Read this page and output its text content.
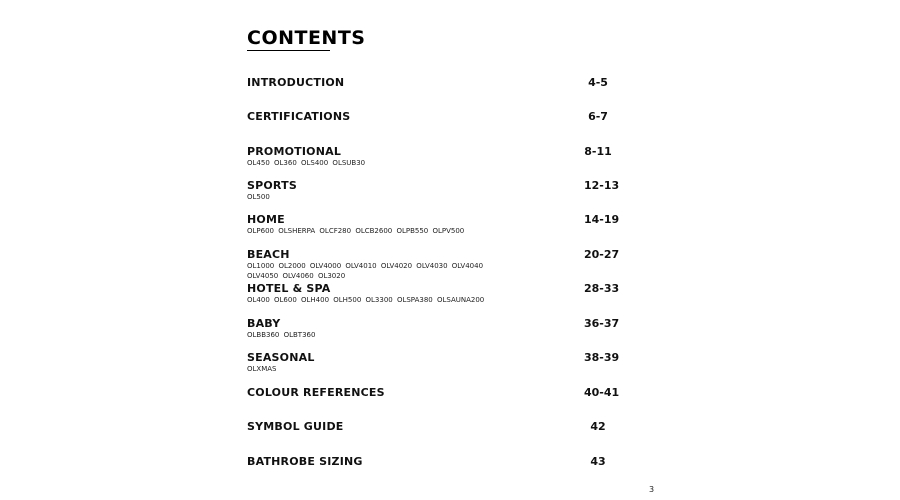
CONTENTS
INTRODUCTION	4-5
CERTIFICATIONS	6-7
PROMOTIONAL	8-11
OL450 OL360 OLS400 OLSUB30
SPORTS	12-13
OL500
HOME	14-19
OLP600 OLSHERPA OLCF280 OLCB2600 OLPB550 OLPV500
BEACH	20-27
OL1000 OL2000 OLV4000 OLV4010 OLV4020 OLV4030 OLV4040 OLV4050 OLV4060 OL3020
HOTEL & SPA	28-33
OL400 OL600 OLH400 OLH500 OL3300 OLSPA380 OLSAUNA200
BABY	36-37
OLBB360 OLBT360
SEASONAL	38-39
OLXMAS
COLOUR REFERENCES	40-41
SYMBOL GUIDE	42
BATHROBE SIZING	43
3
